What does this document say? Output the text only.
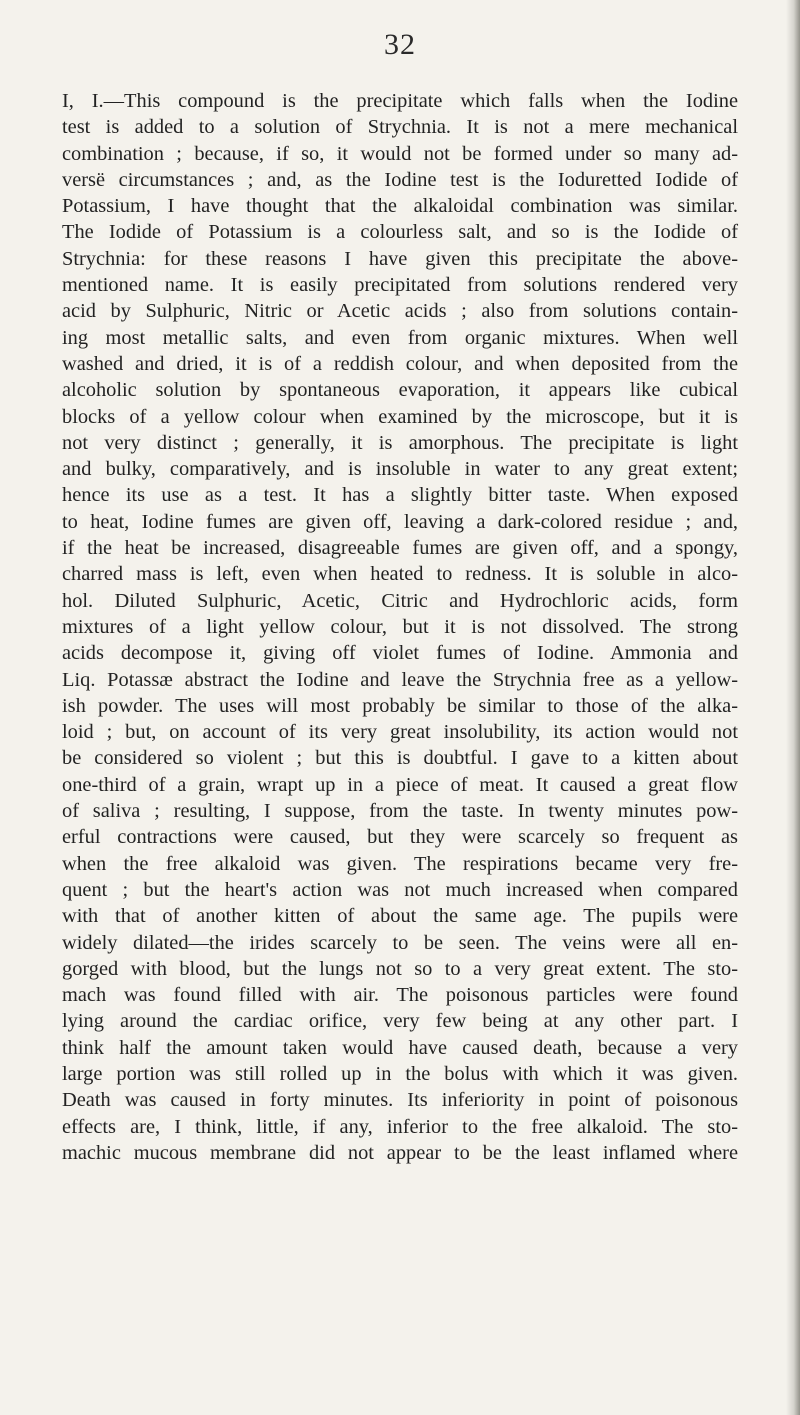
32
I, I.—This compound is the precipitate which falls when the Iodine
test is added to a solution of Strychnia. It is not a mere mechanical
combination ; because, if so, it would not be formed under so many ad-
versë circumstances ; and, as the Iodine test is the Ioduretted Iodide of
Potassium, I have thought that the alkaloidal combination was similar.
The Iodide of Potassium is a colourless salt, and so is the Iodide of
Strychnia: for these reasons I have given this precipitate the above-
mentioned name. It is easily precipitated from solutions rendered very
acid by Sulphuric, Nitric or Acetic acids ; also from solutions contain-
ing most metallic salts, and even from organic mixtures. When well
washed and dried, it is of a reddish colour, and when deposited from the
alcoholic solution by spontaneous evaporation, it appears like cubical
blocks of a yellow colour when examined by the microscope, but it is
not very distinct ; generally, it is amorphous. The precipitate is light
and bulky, comparatively, and is insoluble in water to any great extent;
hence its use as a test. It has a slightly bitter taste. When exposed
to heat, Iodine fumes are given off, leaving a dark-colored residue ; and,
if the heat be increased, disagreeable fumes are given off, and a spongy,
charred mass is left, even when heated to redness. It is soluble in alco-
hol. Diluted Sulphuric, Acetic, Citric and Hydrochloric acids, form
mixtures of a light yellow colour, but it is not dissolved. The strong
acids decompose it, giving off violet fumes of Iodine. Ammonia and
Liq. Potassæ abstract the Iodine and leave the Strychnia free as a yellow-
ish powder. The uses will most probably be similar to those of the alka-
loid ; but, on account of its very great insolubility, its action would not
be considered so violent ; but this is doubtful. I gave to a kitten about
one-third of a grain, wrapt up in a piece of meat. It caused a great flow
of saliva ; resulting, I suppose, from the taste. In twenty minutes pow-
erful contractions were caused, but they were scarcely so frequent as
when the free alkaloid was given. The respirations became very fre-
quent ; but the heart's action was not much increased when compared
with that of another kitten of about the same age. The pupils were
widely dilated—the irides scarcely to be seen. The veins were all en-
gorged with blood, but the lungs not so to a very great extent. The sto-
mach was found filled with air. The poisonous particles were found
lying around the cardiac orifice, very few being at any other part. I
think half the amount taken would have caused death, because a very
large portion was still rolled up in the bolus with which it was given.
Death was caused in forty minutes. Its inferiority in point of poisonous
effects are, I think, little, if any, inferior to the free alkaloid. The sto-
machic mucous membrane did not appear to be the least inflamed where
